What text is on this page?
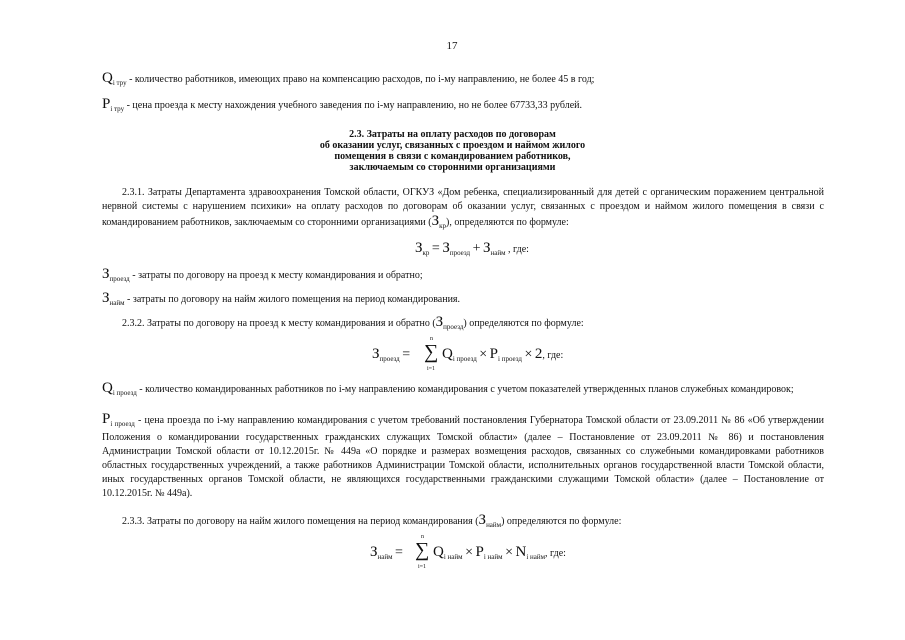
17
$Q_{i тру}$ - количество работников, имеющих право на компенсацию расходов, по i-му направлению, не более 45 в год;
$P_{i тру}$ - цена проезда к месту нахождения учебного заведения по i-му направлению, но не более 67733,33 рублей.
2.3. Затраты на оплату расходов по договорам
об оказании услуг, связанных с проездом и наймом жилого
помещения в связи с командированием работников,
заключаемым со сторонними организациями
2.3.1. Затраты Департамента здравоохранения Томской области, ОГКУЗ «Дом ребенка, специализированный для детей с органическим поражением центральной нервной системы с нарушением психики» на оплату расходов по договорам об оказании услуг, связанных с проездом и наймом жилого помещения в связи с командированием работников, заключаемым со сторонними организациями $(З_{кр})$, определяются по формуле:
$З_{кр} = З_{проезд} + З_{найм}$ , где:
$З_{проезд}$ - затраты по договору на проезд к месту командирования и обратно;
$З_{найм}$ - затраты по договору на найм жилого помещения на период командирования.
2.3.2. Затраты по договору на проезд к месту командирования и обратно $(З_{проезд})$ определяются по формуле:
$З_{проезд}$ =
n
∑
i=1
$Q_{i проезд} \times P_{i проезд} \times 2$, где:
$Q_{i проезд}$ - количество командированных работников по i-му направлению командирования с учетом показателей утвержденных планов служебных командировок;
$P_{i проезд}$ - цена проезда по i-му направлению командирования с учетом требований постановления Губернатора Томской области от 23.09.2011 № 86 «Об утверждении Положения о командировании государственных гражданских служащих Томской области» (далее – Постановление от 23.09.2011 № 86) и постановления Администрации Томской области от 10.12.2015г. № 449а «О порядке и размерах возмещения расходов, связанных со служебными командировками работников областных государственных учреждений, а также работников Администрации Томской области, исполнительных органов государственной власти Томской области, иных государственных органов Томской области, не являющихся государственными гражданскими служащими Томской области» (далее – Постановление от 10.12.2015г. № 449а).
2.3.3. Затраты по договору на найм жилого помещения на период командирования $(З_{найм})$ определяются по формуле:
$З_{найм}$ =
n
∑
i=1
$Q_{i найм} \times P_{i найм} \times N_{i найм}$, где:
